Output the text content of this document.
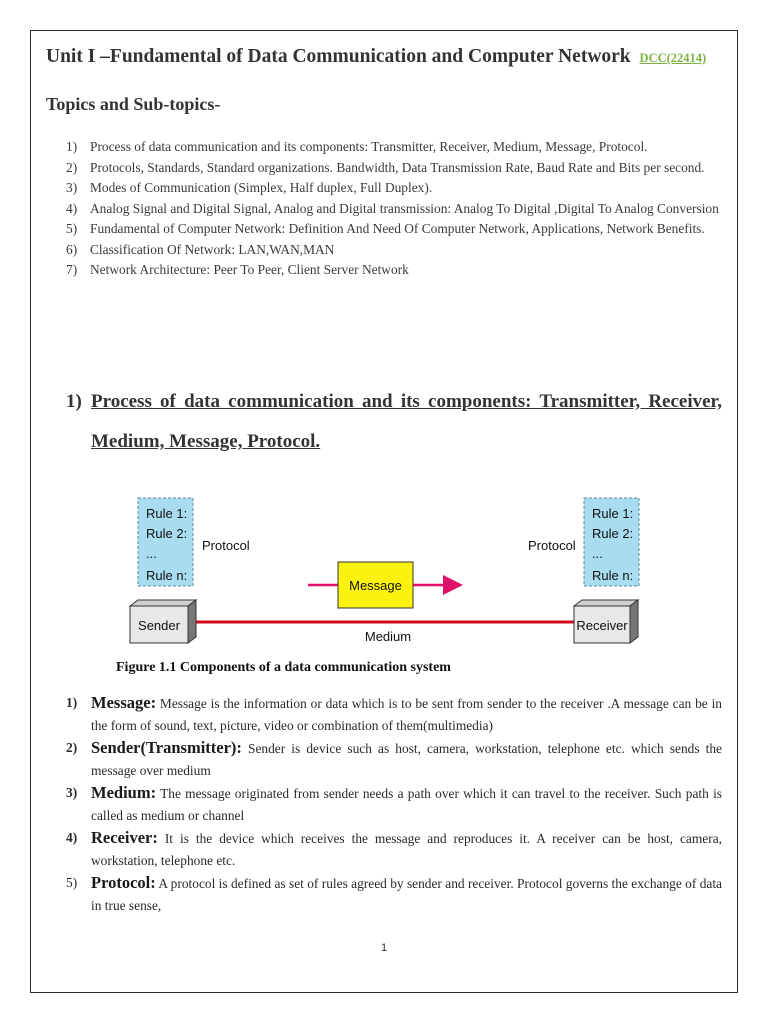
Unit I –Fundamental of Data Communication and Computer Network DCC(22414)
Topics and Sub-topics-
1) Process of data communication and its components: Transmitter, Receiver, Medium, Message, Protocol.
2) Protocols, Standards, Standard organizations. Bandwidth, Data Transmission Rate, Baud Rate and Bits per second.
3) Modes of Communication (Simplex, Half duplex, Full Duplex).
4) Analog Signal and Digital Signal, Analog and Digital transmission: Analog To Digital ,Digital To Analog Conversion
5) Fundamental of Computer Network: Definition And Need Of Computer Network, Applications, Network Benefits.
6) Classification Of Network: LAN,WAN,MAN
7) Network Architecture: Peer To Peer, Client Server Network
1) Process of data communication and its components: Transmitter, Receiver, Medium, Message, Protocol.
Rule 1:
Rule 2:
...
Rule n:
Protocol
Rule 1:
Rule 2:
...
Rule n:
Protocol
Message
Medium
Sender	Receiver
Figure 1.1 Components of a data communication system
1) Message: Message is the information or data which is to be sent from sender to the receiver .A message can be in the form of sound, text, picture, video or combination of them(multimedia)
2) Sender(Transmitter): Sender is device such as host, camera, workstation, telephone etc. which sends the message over medium
3) Medium: The message originated from sender needs a path over which it can travel to the receiver. Such path is called as medium or channel
4) Receiver: It is the device which receives the message and reproduces it. A receiver can be host, camera, workstation, telephone etc.
5) Protocol: A protocol is defined as set of rules agreed by sender and receiver. Protocol governs the exchange of data in true sense,
1
